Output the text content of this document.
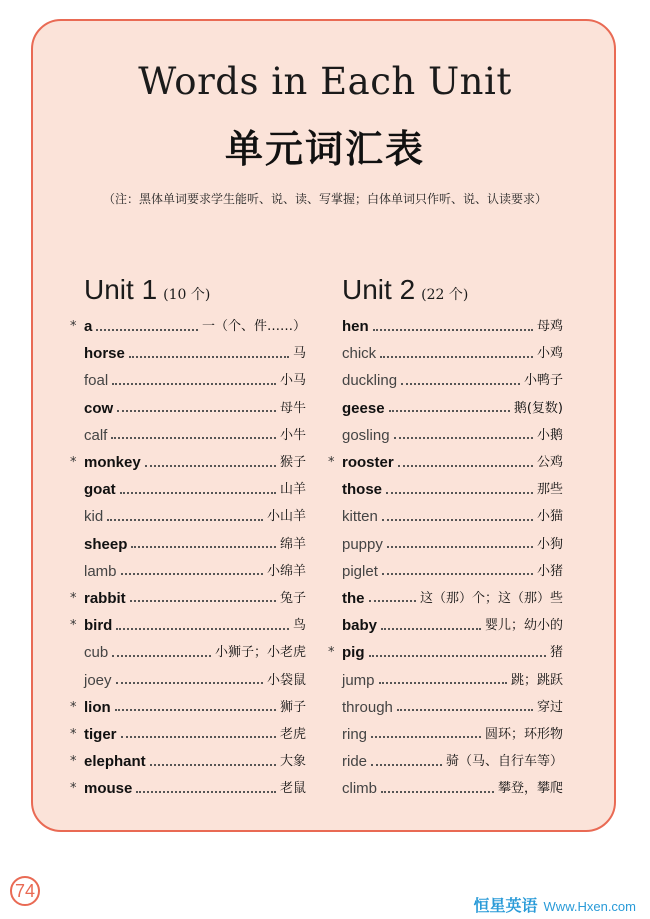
Words in Each Unit
单元词汇表
（注：黑体单词要求学生能听、说、读、写掌握；白体单词只作听、说、认读要求）
Unit 1 (10 个)	Unit 2 (22 个)
* a	一（个、件……）
horse	马
foal	小马
cow	母牛
calf	小牛
* monkey	猴子
goat	山羊
kid	小山羊
sheep	绵羊
lamb	小绵羊
* rabbit	兔子
* bird	鸟
cub	小狮子；小老虎
joey	小袋鼠
* lion	狮子
* tiger	老虎
* elephant	大象
* mouse	老鼠
hen	母鸡
chick	小鸡
duckling	小鸭子
geese	鹅(复数)
gosling	小鹅
* rooster	公鸡
those	那些
kitten	小猫
puppy	小狗
piglet	小猪
the	这（那）个；这（那）些
baby	婴儿；幼小的
* pig	猪
jump	跳；跳跃
through	穿过
ring	圆环；环形物
ride	骑（马、自行车等）
climb	攀登，攀爬
74
恒星英语 Www.Hxen.com
